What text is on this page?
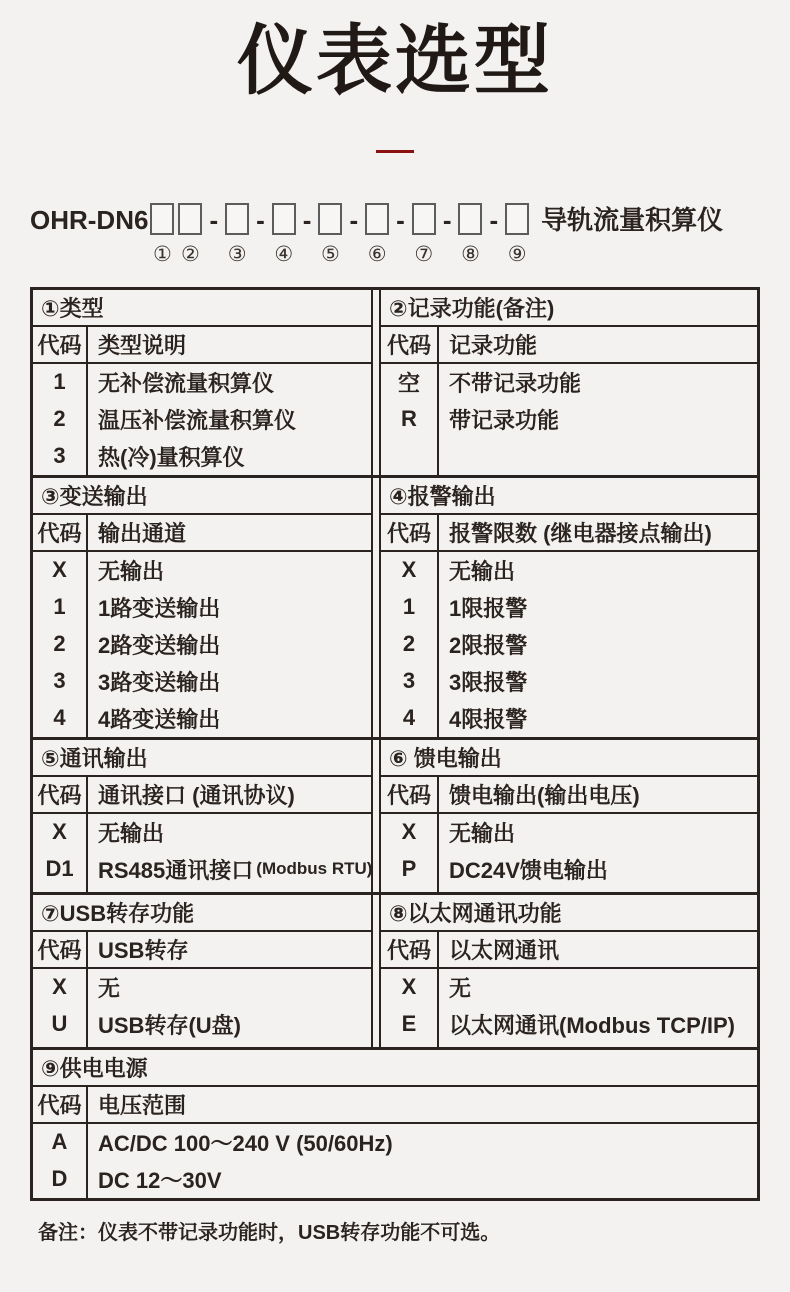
仪表选型
OHR-DN6
① ②
-
③
-
④
-
⑤
-
⑥
-
⑦
-
⑧
-
⑨
导轨流量积算仪
①类型
代码 类型说明
1
2
3
无补偿流量积算仪
温压补偿流量积算仪
热(冷)量积算仪
②记录功能(备注)
代码 记录功能
空
R
不带记录功能
带记录功能
③变送输出
代码 输出通道
X
1
2
3
4
无输出
1路变送输出
2路变送输出
3路变送输出
4路变送输出
④报警输出
代码 报警限数 (继电器接点输出)
X
1
2
3
4
无输出
1限报警
2限报警
3限报警
4限报警
⑤通讯输出
代码 通讯接口 (通讯协议)
X
D1
无输出
RS485通讯接口 (Modbus RTU)
⑥ 馈电输出
代码 馈电输出(输出电压)
X
P
无输出
DC24V馈电输出
⑦USB转存功能
代码 USB转存
X
U
无
USB转存(U盘)
⑧以太网通讯功能
代码 以太网通讯
X
E
无
以太网通讯(Modbus TCP/IP)
⑨供电电源
代码 电压范围
A
D
AC/DC 100～240 V (50/60Hz)
DC 12～30V
备注：仪表不带记录功能时，USB转存功能不可选。
